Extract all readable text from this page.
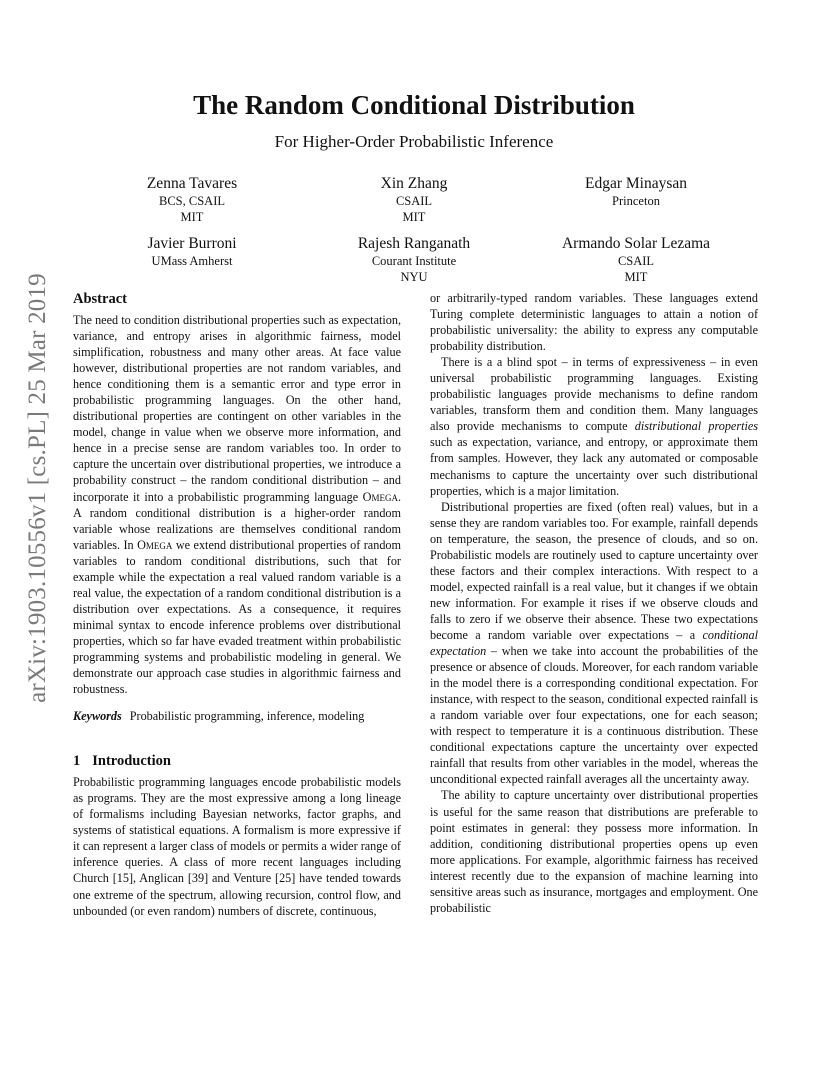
arXiv:1903.10556v1 [cs.PL] 25 Mar 2019
The Random Conditional Distribution
For Higher-Order Probabilistic Inference
Zenna Tavares
BCS, CSAIL
MIT
Xin Zhang
CSAIL
MIT
Edgar Minaysan
Princeton
Javier Burroni
UMass Amherst
Rajesh Ranganath
Courant Institute
NYU
Armando Solar Lezama
CSAIL
MIT
Abstract

The need to condition distributional properties such as expectation, variance, and entropy arises in algorithmic fairness, model simplification, robustness and many other areas. At face value however, distributional properties are not random variables, and hence conditioning them is a semantic error and type error in probabilistic programming languages. On the other hand, distributional properties are contingent on other variables in the model, change in value when we observe more information, and hence in a precise sense are random variables too. In order to capture the uncertain over distributional properties, we introduce a probability construct – the random conditional distribution – and incorporate it into a probabilistic programming language Omega. A random conditional distribution is a higher-order random variable whose realizations are themselves conditional random variables. In Omega we extend distributional properties of random variables to random conditional distributions, such that for example while the expectation a real valued random variable is a real value, the expectation of a random conditional distribution is a distribution over expectations. As a consequence, it requires minimal syntax to encode inference problems over distributional properties, which so far have evaded treatment within probabilistic programming systems and probabilistic modeling in general. We demonstrate our approach case studies in algorithmic fairness and robustness.

Keywords Probabilistic programming, inference, modeling

1 Introduction

Probabilistic programming languages encode probabilistic models as programs. They are the most expressive among a long lineage of formalisms including Bayesian networks, factor graphs, and systems of statistical equations. A formalism is more expressive if it can represent a larger class of models or permits a wider range of inference queries. A class of more recent languages including Church [15], Anglican [39] and Venture [25] have tended towards one extreme of the spectrum, allowing recursion, control flow, and unbounded (or even random) numbers of discrete, continuous,

or arbitrarily-typed random variables. These languages extend Turing complete deterministic languages to attain a notion of probabilistic universality: the ability to express any computable probability distribution.

There is a a blind spot – in terms of expressiveness – in even universal probabilistic programming languages. Existing probabilistic languages provide mechanisms to define random variables, transform them and condition them. Many languages also provide mechanisms to compute distributional properties such as expectation, variance, and entropy, or approximate them from samples. However, they lack any automated or composable mechanisms to capture the uncertainty over such distributional properties, which is a major limitation.

Distributional properties are fixed (often real) values, but in a sense they are random variables too. For example, rainfall depends on temperature, the season, the presence of clouds, and so on. Probabilistic models are routinely used to capture uncertainty over these factors and their complex interactions. With respect to a model, expected rainfall is a real value, but it changes if we obtain new information. For example it rises if we observe clouds and falls to zero if we observe their absence. These two expectations become a random variable over expectations – a conditional expectation – when we take into account the probabilities of the presence or absence of clouds. Moreover, for each random variable in the model there is a corresponding conditional expectation. For instance, with respect to the season, conditional expected rainfall is a random variable over four expectations, one for each season; with respect to temperature it is a continuous distribution. These conditional expectations capture the uncertainty over expected rainfall that results from other variables in the model, whereas the unconditional expected rainfall averages all the uncertainty away.

The ability to capture uncertainty over distributional properties is useful for the same reason that distributions are preferable to point estimates in general: they possess more information. In addition, conditioning distributional properties opens up even more applications. For example, algorithmic fairness has received interest recently due to the expansion of machine learning into sensitive areas such as insurance, mortgages and employment. One probabilistic
